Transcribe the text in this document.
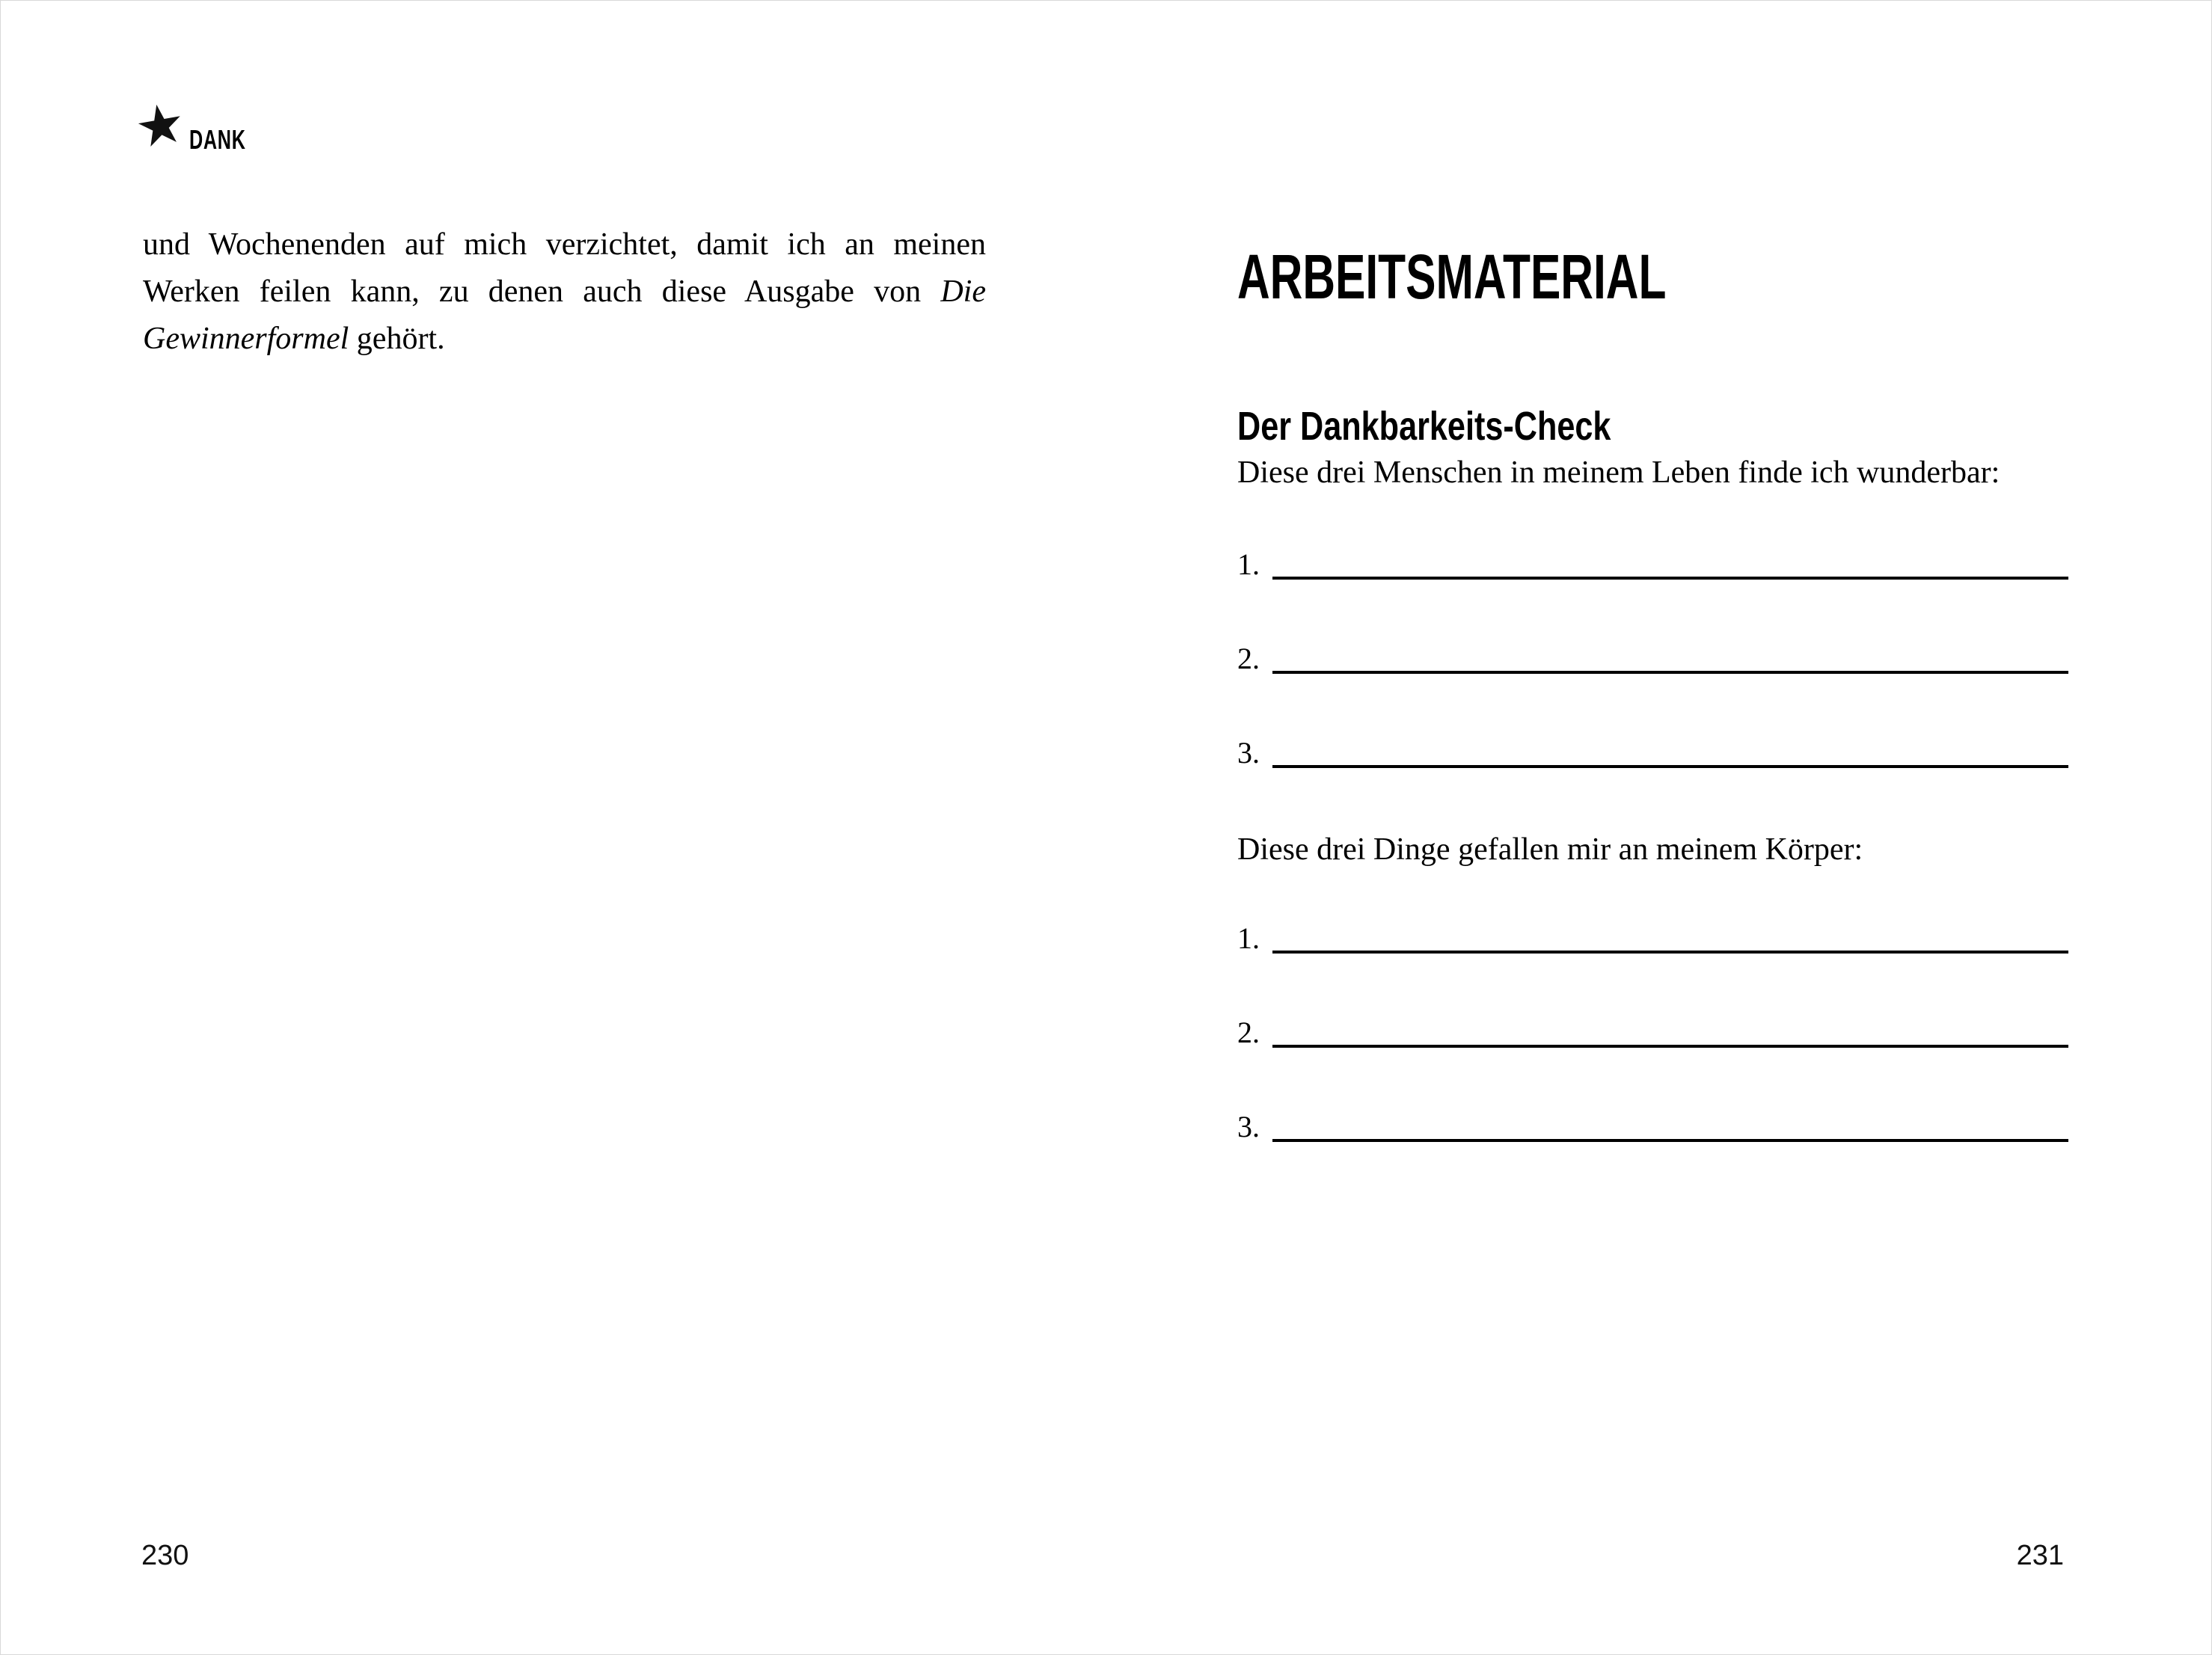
★
DANK
und Wochenenden auf mich verzichtet, damit ich an meinen
Werken feilen kann, zu denen auch diese Ausgabe von Die
Gewinnerformel gehört.
230
ARBEITSMATERIAL
Der Dankbarkeits-Check
Diese drei Menschen in meinem Leben finde ich wunderbar:
1.
2.
3.
Diese drei Dinge gefallen mir an meinem Körper:
1.
2.
3.
231
